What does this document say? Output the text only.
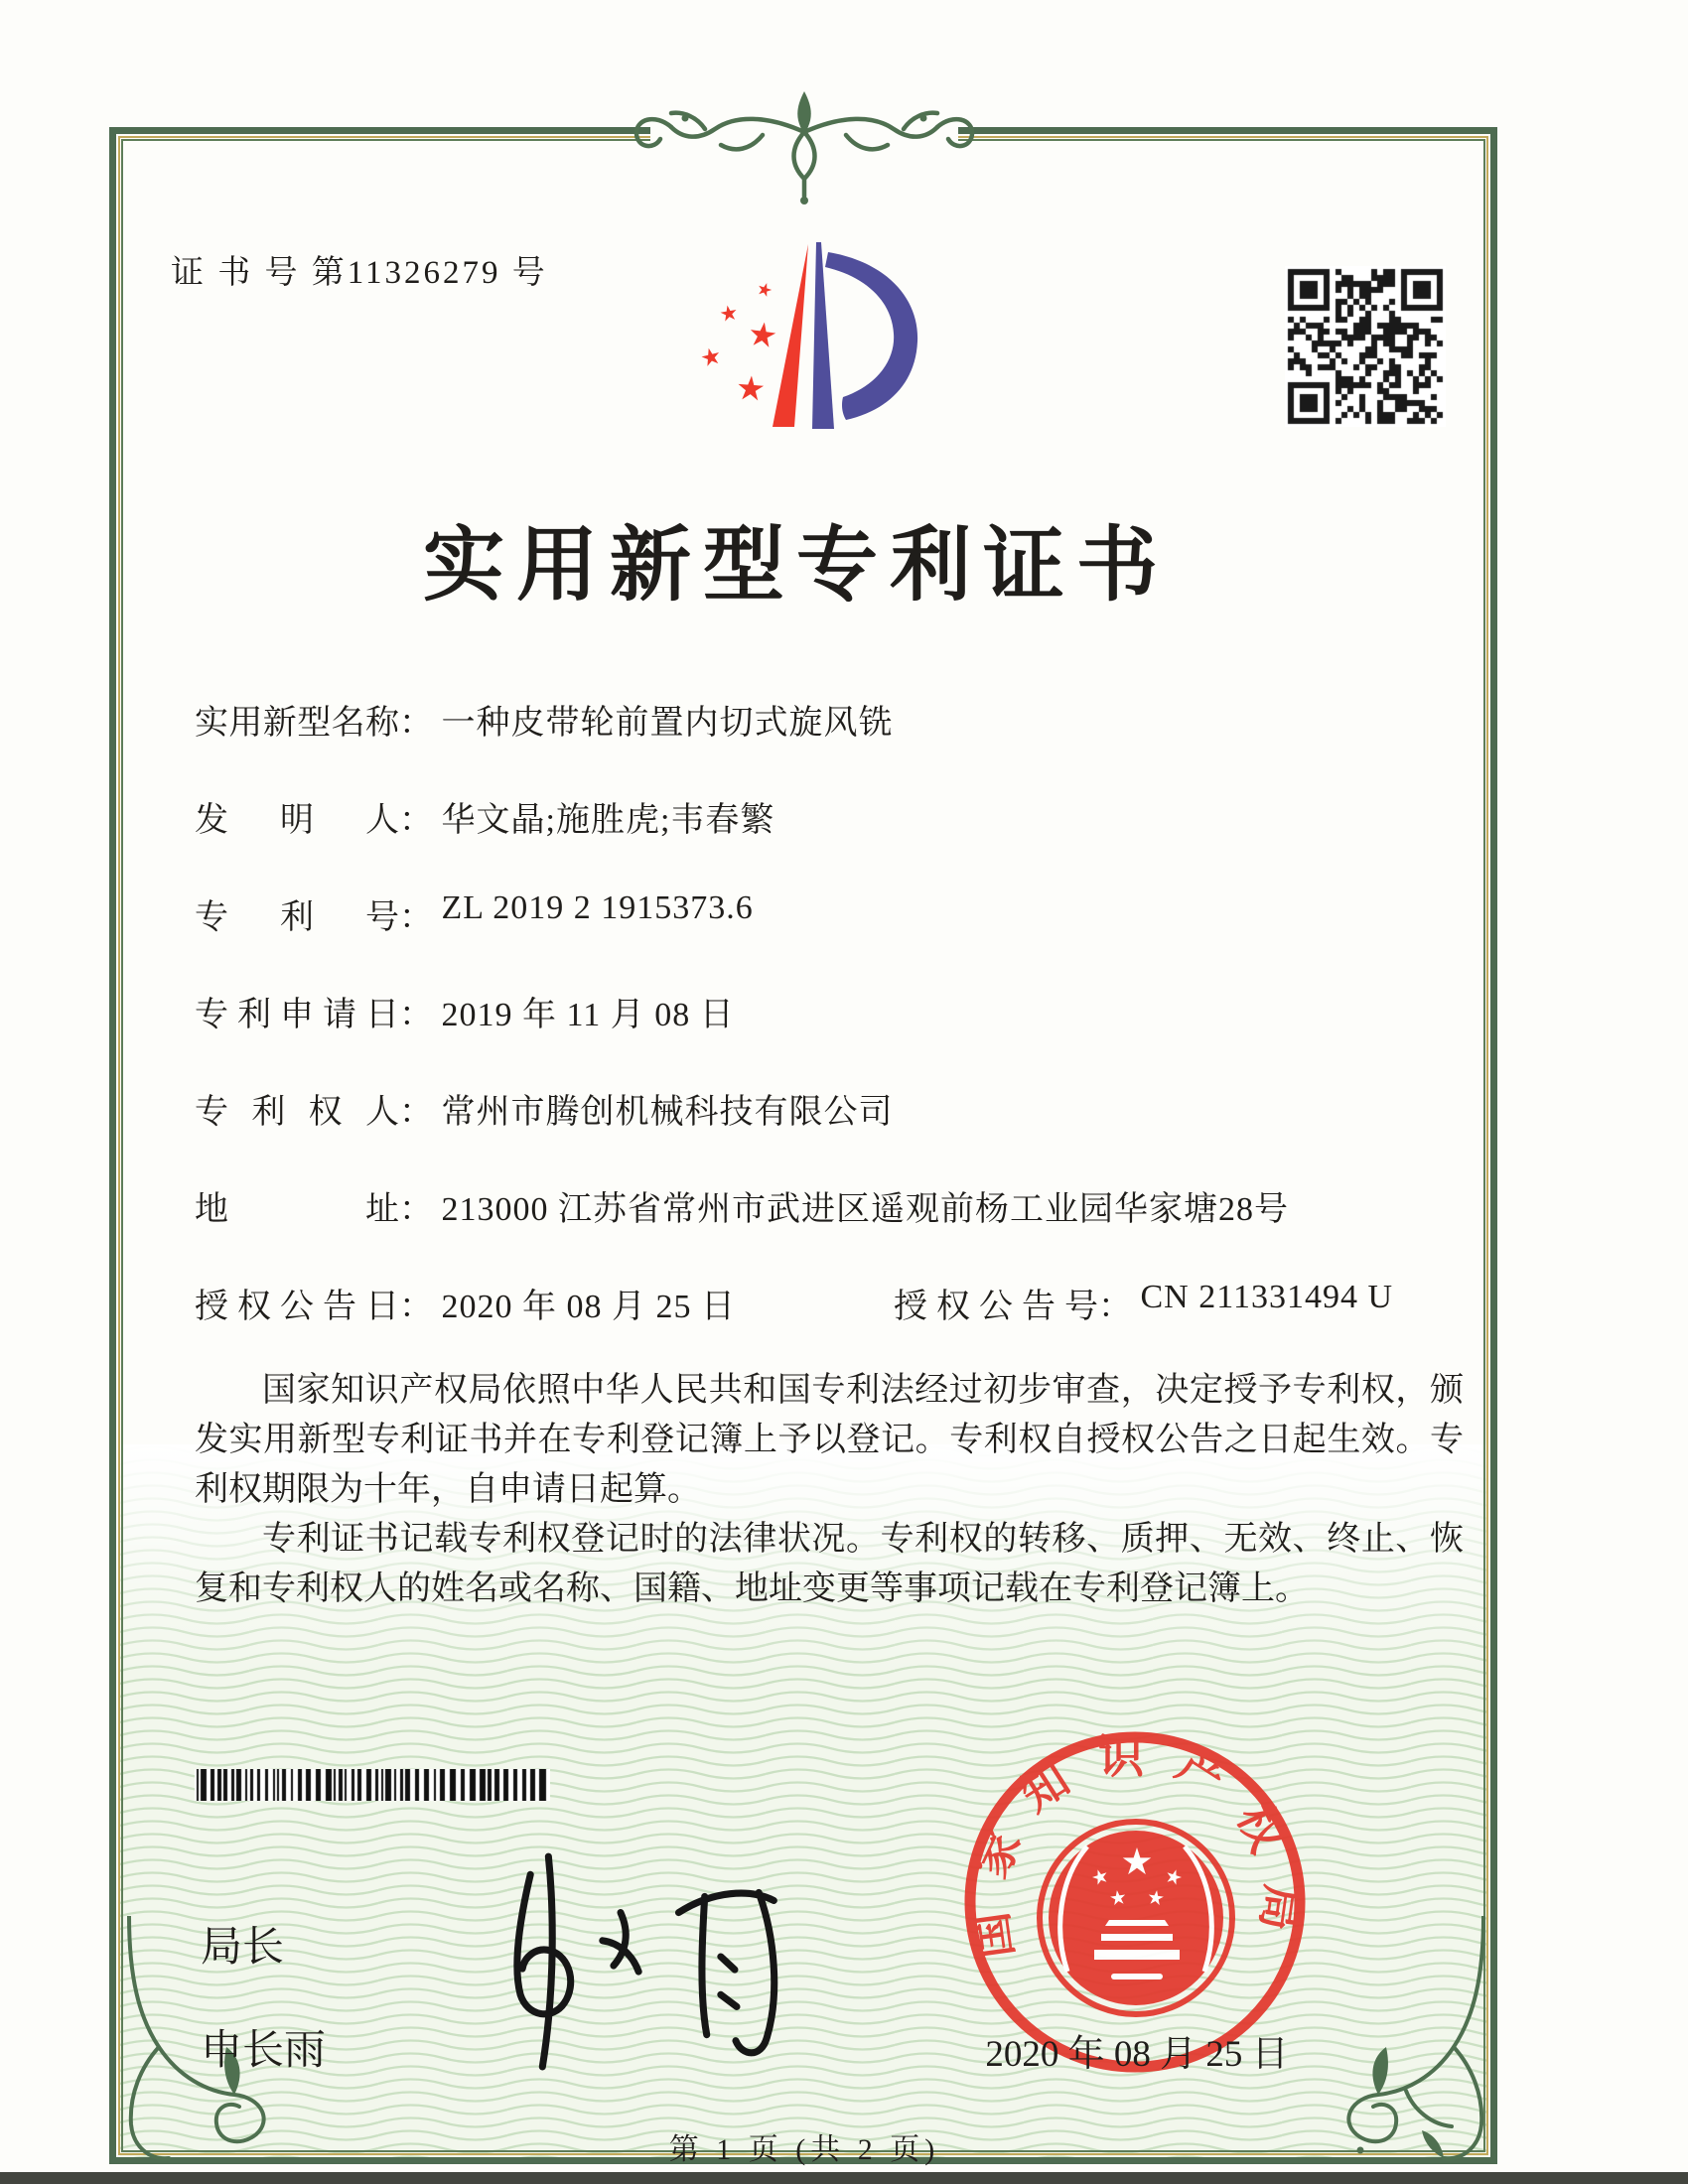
证 书 号 第11326279 号
实用新型专利证书
实用新型名称： 一种皮带轮前置内切式旋风铣
发明人： 华文晶;施胜虎;韦春繁
专利号： ZL 2019 2 1915373.6
专利申请日： 2019 年 11 月 08 日
专利权人： 常州市腾创机械科技有限公司
地址： 213000 江苏省常州市武进区遥观前杨工业园华家塘28号
授权公告日： 2020 年 08 月 25 日	授权公告号： CN 211331494 U

国家知识产权局依照中华人民共和国专利法经过初步审查，决定授予专利权，颁发实用新型专利证书并在专利登记簿上予以登记。专利权自授权公告之日起生效。专利权期限为十年，自申请日起算。

专利证书记载专利权登记时的法律状况。专利权的转移、质押、无效、终止、恢复和专利权人的姓名或名称、国籍、地址变更等事项记载在专利登记簿上。

局长
申长雨
国家知识产权局
2020 年 08 月 25 日
第 1 页 (共 2 页)
